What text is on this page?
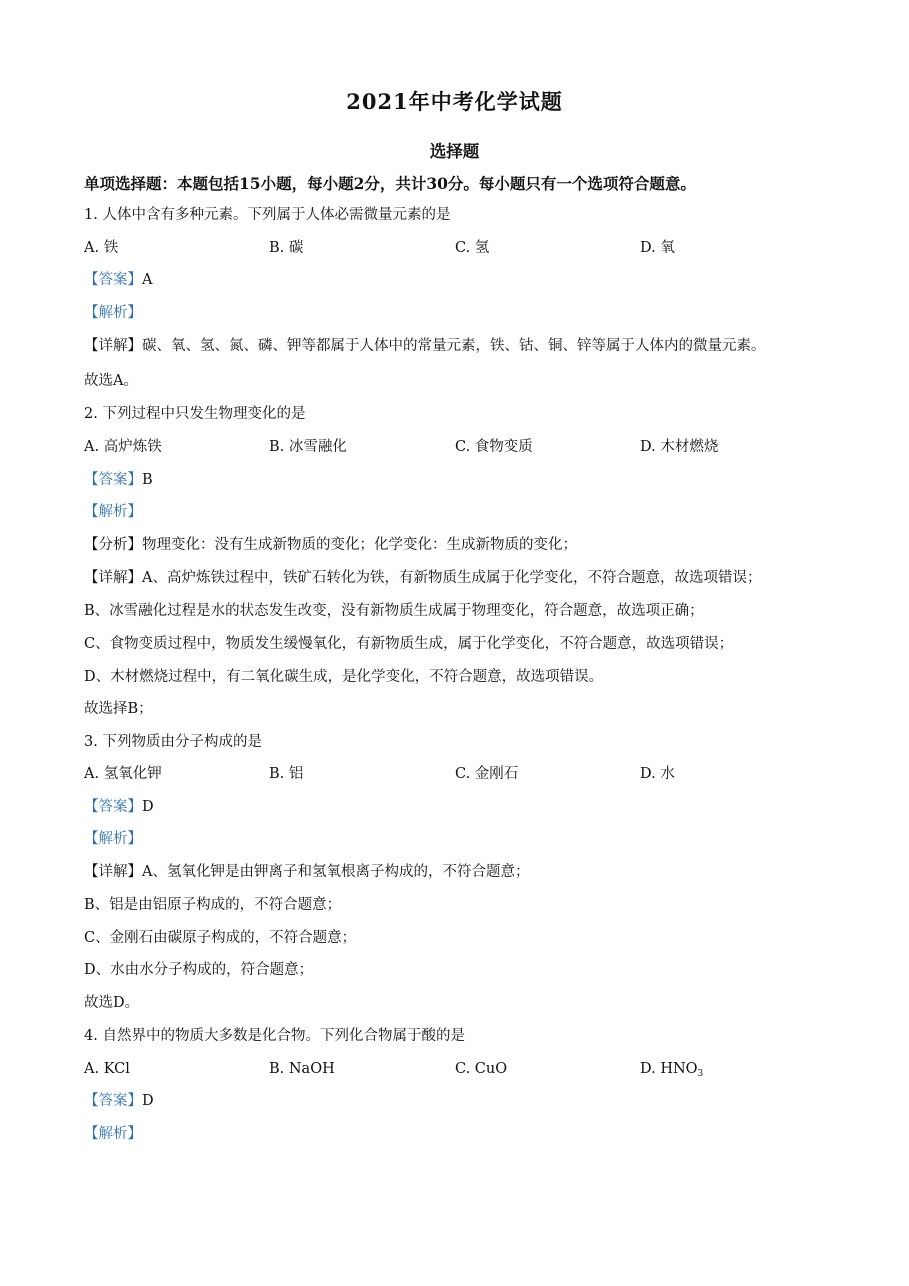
2021年中考化学试题
选择题
单项选择题：本题包括15小题，每小题2分，共计30分。每小题只有一个选项符合题意。
1. 人体中含有多种元素。下列属于人体必需微量元素的是
A. 铁	B. 碳	C. 氢	D. 氧
【答案】A
【解析】
【详解】碳、氧、氢、氮、磷、钾等都属于人体中的常量元素，铁、钴、铜、锌等属于人体内的微量元素。
故选A。
2. 下列过程中只发生物理变化的是
A. 高炉炼铁	B. 冰雪融化	C. 食物变质	D. 木材燃烧
【答案】B
【解析】
【分析】物理变化：没有生成新物质的变化；化学变化：生成新物质的变化；
【详解】A、高炉炼铁过程中，铁矿石转化为铁，有新物质生成属于化学变化，不符合题意，故选项错误；
B、冰雪融化过程是水的状态发生改变，没有新物质生成属于物理变化，符合题意，故选项正确；
C、食物变质过程中，物质发生缓慢氧化，有新物质生成，属于化学变化，不符合题意，故选项错误；
D、木材燃烧过程中，有二氧化碳生成，是化学变化，不符合题意，故选项错误。
故选择B；
3. 下列物质由分子构成的是
A. 氢氧化钾	B. 铝	C. 金刚石	D. 水
【答案】D
【解析】
【详解】A、氢氧化钾是由钾离子和氢氧根离子构成的，不符合题意；
B、铝是由铝原子构成的，不符合题意；
C、金刚石由碳原子构成的，不符合题意；
D、水由水分子构成的，符合题意；
故选D。
4. 自然界中的物质大多数是化合物。下列化合物属于酸的是
A. KCl	B. NaOH	C. CuO	D. $HNO_3$
【答案】D
【解析】
